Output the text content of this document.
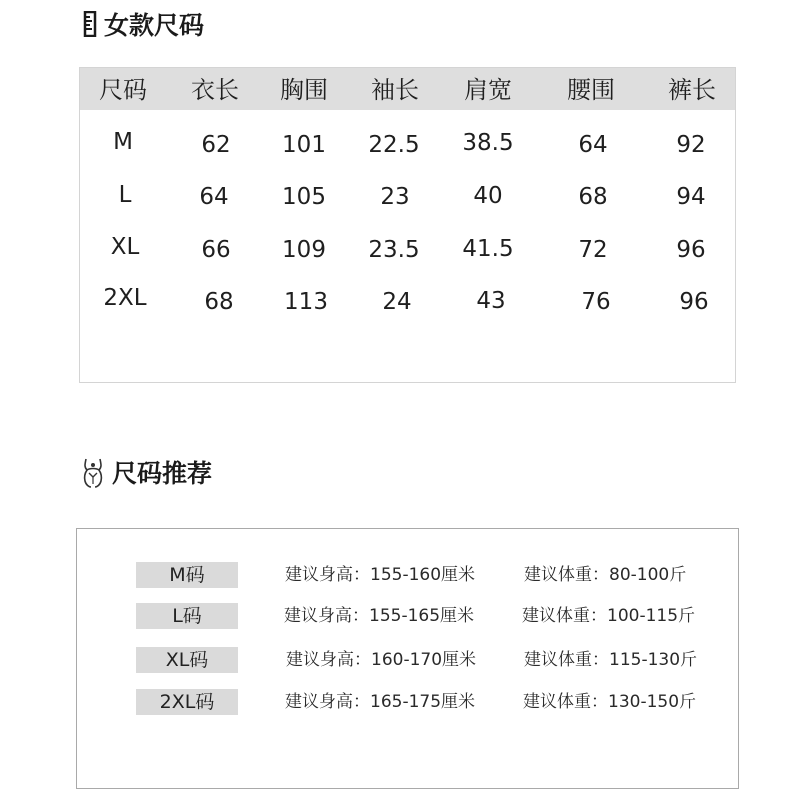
女款尺码
尺码	衣长	胸围	袖长	肩宽	腰围	裤长
M	62	101	22.5	38.5	64	92
L	64	105	23	40	68	94
XL	66	109	23.5	41.5	72	96
2XL	68	113	24	43	76	96
尺码推荐
M码	建议身高：155-160厘米	建议体重：80-100斤
L码	建议身高：155-165厘米	建议体重：100-115斤
XL码	建议身高：160-170厘米	建议体重：115-130斤
2XL码	建议身高：165-175厘米	建议体重：130-150斤
